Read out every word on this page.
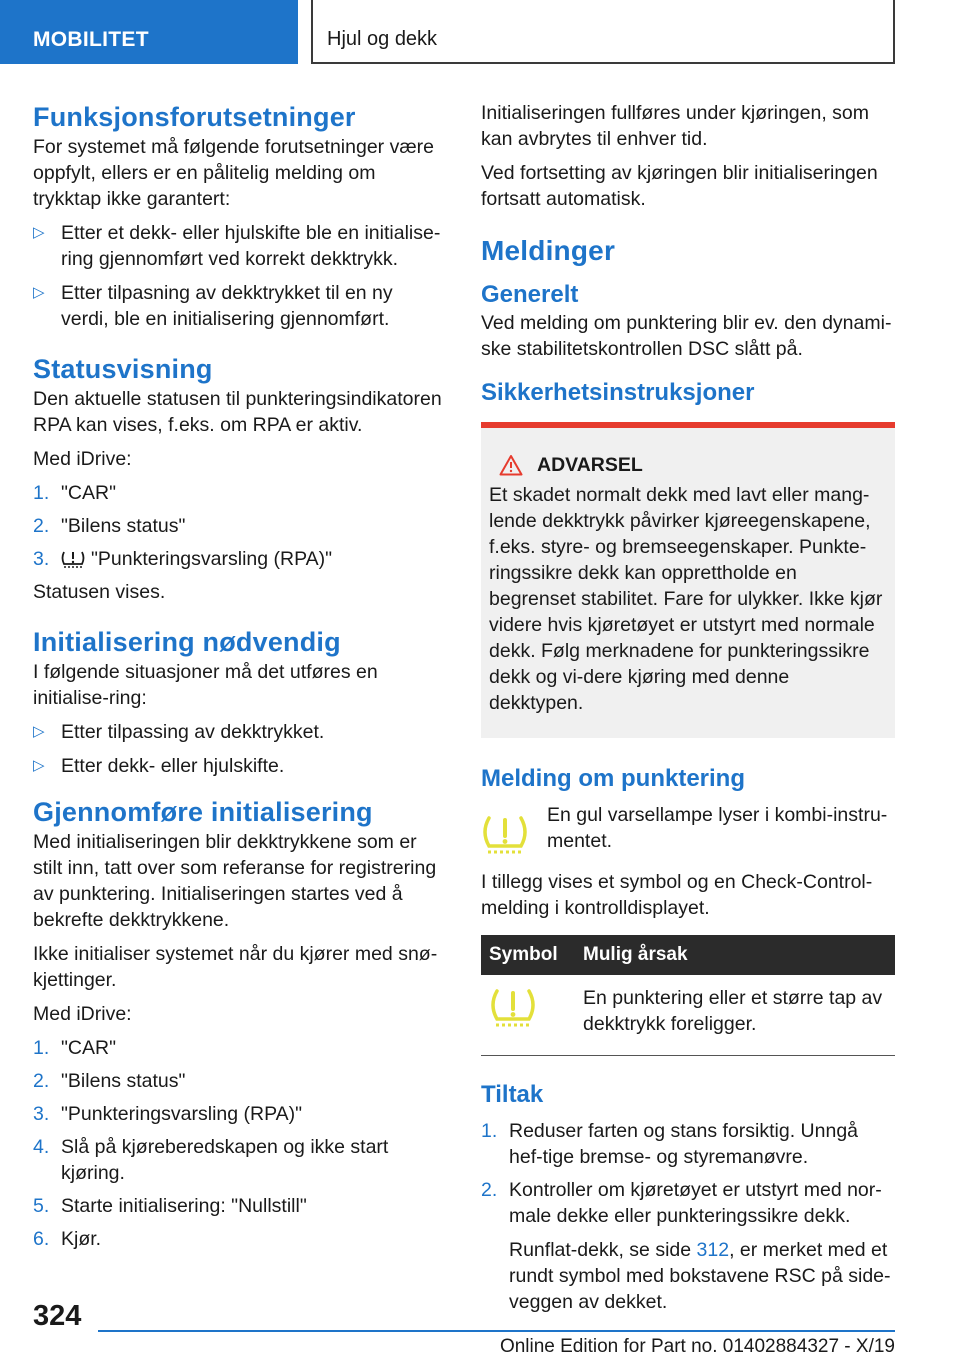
MOBILITET	Hjul og dekk
Funksjonsforutsetninger

For systemet må følgende forutsetninger være oppfylt, ellers er en pålitelig melding om trykktap ikke garantert:

▷ Etter et dekk- eller hjulskifte ble en initialise-ring gjennomført ved korrekt dekktrykk.
▷ Etter tilpasning av dekktrykket til en ny verdi, ble en initialisering gjennomført.
Statusvisning

Den aktuelle statusen til punkteringsindikatoren RPA kan vises, f.eks. om RPA er aktiv.

Med iDrive:

1. "CAR"
2. "Bilens status"
3. "Punkteringsvarsling (RPA)"

Statusen vises.

Initialisering nødvendig

I følgende situasjoner må det utføres en initialise-ring:

▷ Etter tilpassing av dekktrykket.
▷ Etter dekk- eller hjulskifte.
Gjennomføre initialisering

Med initialiseringen blir dekktrykkene som er stilt inn, tatt over som referanse for registrering av punktering. Initialiseringen startes ved å bekrefte dekktrykkene.

Ikke initialiser systemet når du kjører med snø-kjettinger.

Med iDrive:

1. "CAR"
2. "Bilens status"
3. "Punkteringsvarsling (RPA)"
4. Slå på kjøreberedskapen og ikke start kjøring.
5. Starte initialisering: "Nullstill"
6. Kjør.

Initialiseringen fullføres under kjøringen, som kan avbrytes til enhver tid.

Ved fortsetting av kjøringen blir initialiseringen fortsatt automatisk.

Meldinger
Generelt

Ved melding om punktering blir ev. den dynami-ske stabilitetskontrollen DSC slått på.

Sikkerhetsinstruksjoner
ADVARSEL

Et skadet normalt dekk med lavt eller mang-lende dekktrykk påvirker kjøreegenskapene, f.eks. styre- og bremseegenskaper. Punkte-ringssikre dekk kan opprettholde en begrenset stabilitet. Fare for ulykker. Ikke kjør videre hvis kjøretøyet er utstyrt med normale dekk. Følg merknadene for punkteringssikre dekk og vi-dere kjøring med denne dekktypen.

Melding om punktering

En gul varsellampe lyser i kombi-instru-mentet.

I tillegg vises et symbol og en Check-Control-melding i kontrolldisplayet.

Symbol	Mulig årsak
	En punktering eller et større tap av dekktrykk foreligger.
Tiltak
1. Reduser farten og stans forsiktig. Unngå hef-tige bremse- og styremanøvre.
2. Kontroller om kjøretøyet er utstyrt med nor-male dekke eller punkteringssikre dekk.
Runflat-dekk, se side 312, er merket med et rundt symbol med bokstavene RSC på side-veggen av dekket.
324
Online Edition for Part no. 01402884327 - X/19
